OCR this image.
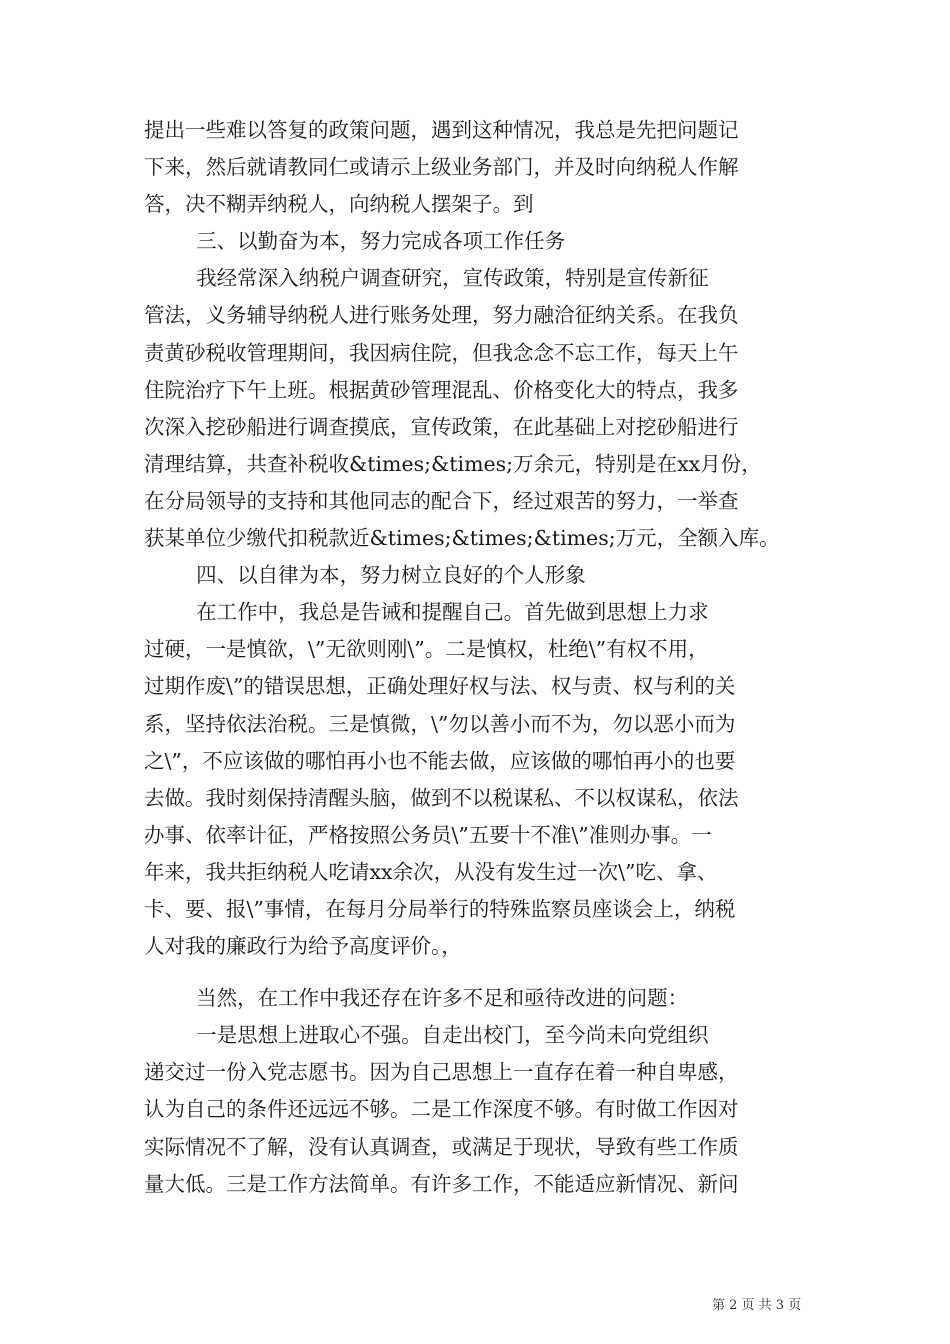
提出一些难以答复的政策问题，遇到这种情况，我总是先把问题记
下来，然后就请教同仁或请示上级业务部门，并及时向纳税人作解
答，决不糊弄纳税人，向纳税人摆架子。到
三、以勤奋为本，努力完成各项工作任务
我经常深入纳税户调查研究，宣传政策，特别是宣传新征
管法，义务辅导纳税人进行账务处理，努力融洽征纳关系。在我负
责黄砂税收管理期间，我因病住院，但我念念不忘工作，每天上午
住院治疗下午上班。根据黄砂管理混乱、价格变化大的特点，我多
次深入挖砂船进行调查摸底，宣传政策，在此基础上对挖砂船进行
清理结算，共查补税收&times;&times;万余元，特别是在xx月份，
在分局领导的支持和其他同志的配合下，经过艰苦的努力，一举查
获某单位少缴代扣税款近&times;&times;&times;万元，全额入库。
四、以自律为本，努力树立良好的个人形象
在工作中，我总是告诫和提醒自己。首先做到思想上力求
过硬，一是慎欲，\”无欲则刚\”。二是慎权，杜绝\”有权不用，
过期作废\”的错误思想，正确处理好权与法、权与责、权与利的关
系，坚持依法治税。三是慎微，\”勿以善小而不为，勿以恶小而为
之\”，不应该做的哪怕再小也不能去做，应该做的哪怕再小的也要
去做。我时刻保持清醒头脑，做到不以税谋私、不以权谋私，依法
办事、依率计征，严格按照公务员\”五要十不准\”准则办事。一
年来，我共拒纳税人吃请xx余次，从没有发生过一次\”吃、拿、
卡、要、报\”事情，在每月分局举行的特殊监察员座谈会上，纳税
人对我的廉政行为给予高度评价。，
当然，在工作中我还存在许多不足和亟待改进的问题：
一是思想上进取心不强。自走出校门，至今尚未向党组织
递交过一份入党志愿书。因为自己思想上一直存在着一种自卑感，
认为自己的条件还远远不够。二是工作深度不够。有时做工作因对
实际情况不了解，没有认真调查，或满足于现状，导致有些工作质
量大低。三是工作方法简单。有许多工作，不能适应新情况、新问
第 2 页 共 3 页
